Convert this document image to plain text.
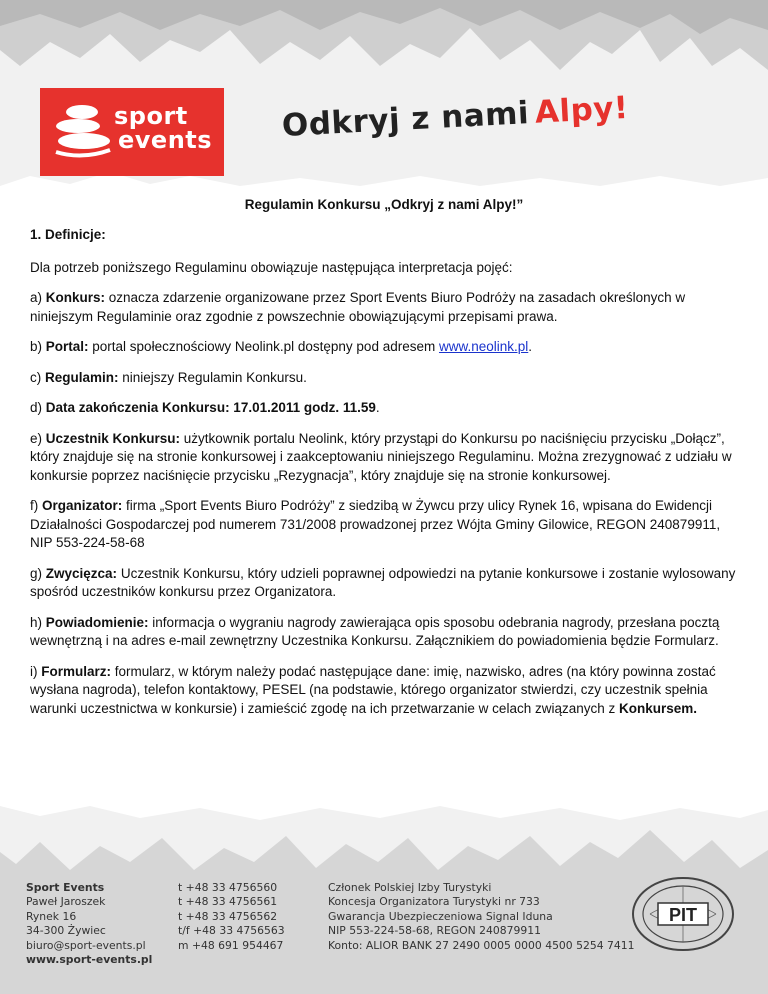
sport
events Odkryj z nami Alpy!
Regulamin Konkursu „Odkryj z nami Alpy!”

1. Definicje:

Dla potrzeb poniższego Regulaminu obowiązuje następująca interpretacja pojęć:

a) Konkurs: oznacza zdarzenie organizowane przez Sport Events Biuro Podróży na zasadach określonych w niniejszym Regulaminie oraz zgodnie z powszechnie obowiązującymi przepisami prawa.

b) Portal: portal społecznościowy Neolink.pl dostępny pod adresem www.neolink.pl.

c) Regulamin: niniejszy Regulamin Konkursu.

d) Data zakończenia Konkursu: 17.01.2011 godz. 11.59.

e) Uczestnik Konkursu: użytkownik portalu Neolink, który przystąpi do Konkursu po naciśnięciu przycisku „Dołącz”, który znajduje się na stronie konkursowej i zaakceptowaniu niniejszego Regulaminu. Można zrezygnować z udziału w konkursie poprzez naciśnięcie przycisku „Rezygnacja”, który znajduje się na stronie konkursowej.

f) Organizator: firma „Sport Events Biuro Podróży” z siedzibą w Żywcu przy ulicy Rynek 16, wpisana do Ewidencji Działalności Gospodarczej pod numerem 731/2008 prowadzonej przez Wójta Gminy Gilowice, REGON 240879911, NIP 553-224-58-68

g) Zwycięzca: Uczestnik Konkursu, który udzieli poprawnej odpowiedzi na pytanie konkursowe i zostanie wylosowany spośród uczestników konkursu przez Organizatora.

h) Powiadomienie: informacja o wygraniu nagrody zawierająca opis sposobu odebrania nagrody, przesłana pocztą wewnętrzną i na adres e-mail zewnętrzny Uczestnika Konkursu. Załącznikiem do powiadomienia będzie Formularz.

i) Formularz: formularz, w którym należy podać następujące dane: imię, nazwisko, adres (na który powinna zostać wysłana nagroda), telefon kontaktowy, PESEL (na podstawie, którego organizator stwierdzi, czy uczestnik spełnia warunki uczestnictwa w konkursie) i zamieścić zgodę na ich przetwarzanie w celach związanych z Konkursem.

Sport Events
Paweł Jaroszek
Rynek 16
34-300 Żywiec
biuro@sport-events.pl
www.sport-events.pl
t +48 33 4756560
t +48 33 4756561
t +48 33 4756562
t/f +48 33 4756563
m +48 691 954467
Członek Polskiej Izby Turystyki
Koncesja Organizatora Turystyki nr 733
Gwarancja Ubezpieczeniowa Signal Iduna
NIP 553-224-58-68, REGON 240879911
Konto: ALIOR BANK 27 2490 0005 0000 4500 5254 7411
PIT
